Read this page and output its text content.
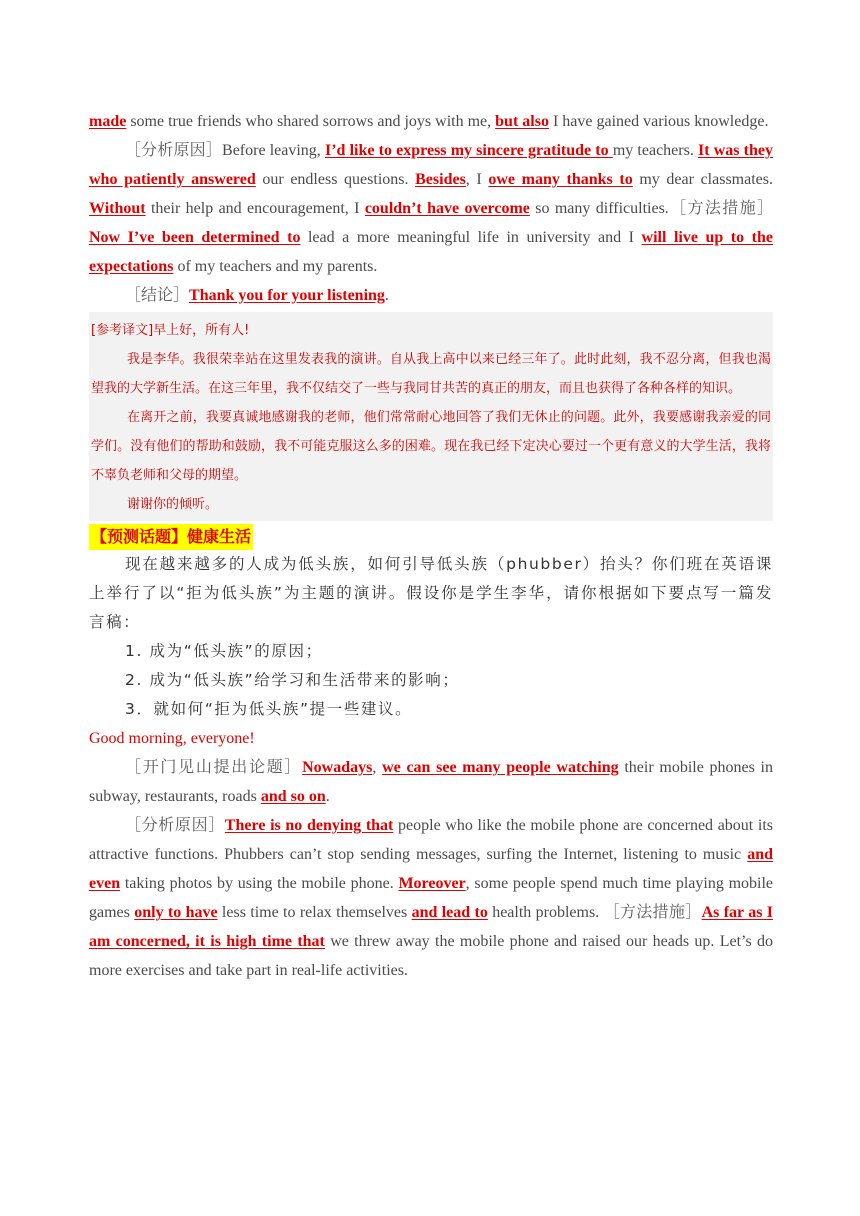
made some true friends who shared sorrows and joys with me, but also I have gained various knowledge.

［分析原因］Before leaving, I’d like to express my sincere gratitude to my teachers. It was they who patiently answered our endless questions. Besides, I owe many thanks to my dear classmates. Without their help and encouragement, I couldn’t have overcome so many difficulties.［方法措施］Now I’ve been determined to lead a more meaningful life in university and I will live up to the expectations of my teachers and my parents.

［结论］Thank you for your listening.

[参考译文]早上好，所有人!

我是李华。我很荣幸站在这里发表我的演讲。自从我上高中以来已经三年了。此时此刻，我不忍分离，但我也渴望我的大学新生活。在这三年里，我不仅结交了一些与我同甘共苦的真正的朋友，而且也获得了各种各样的知识。

在离开之前，我要真诚地感谢我的老师，他们常常耐心地回答了我们无休止的问题。此外，我要感谢我亲爱的同学们。没有他们的帮助和鼓励，我不可能克服这么多的困难。现在我已经下定决心要过一个更有意义的大学生活，我将不辜负老师和父母的期望。

谢谢你的倾听。

【预测话题】健康生活

现在越来越多的人成为低头族，如何引导低头族（phubber）抬头？你们班在英语课上举行了以“拒为低头族”为主题的演讲。假设你是学生李华，请你根据如下要点写一篇发言稿：

1. 成为“低头族”的原因；

2. 成为“低头族”给学习和生活带来的影响；

3．就如何“拒为低头族”提一些建议。

Good morning, everyone!

［开门见山提出论题］Nowadays, we can see many people watching their mobile phones in subway, restaurants, roads and so on.

［分析原因］There is no denying that people who like the mobile phone are concerned about its attractive functions. Phubbers can’t stop sending messages, surfing the Internet, listening to music and even taking photos by using the mobile phone. Moreover, some people spend much time playing mobile games only to have less time to relax themselves and lead to health problems. ［方法措施］As far as I am concerned, it is high time that we threw away the mobile phone and raised our heads up. Let’s do more exercises and take part in real-life activities.
